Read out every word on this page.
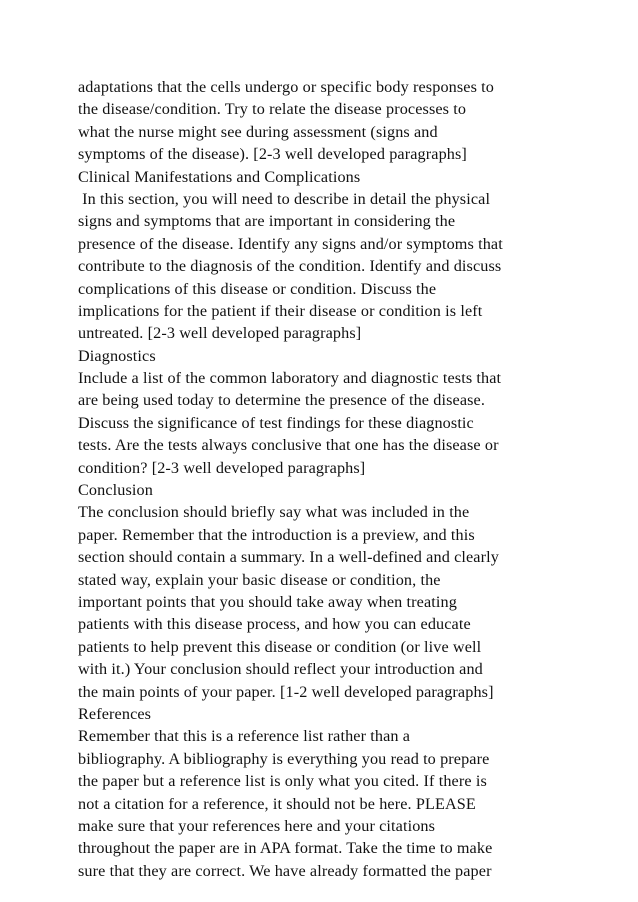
adaptations that the cells undergo or specific body responses to
the disease/condition. Try to relate the disease processes to
what the nurse might see during assessment (signs and
symptoms of the disease). [2-3 well developed paragraphs]
Clinical Manifestations and Complications
In this section, you will need to describe in detail the physical
signs and symptoms that are important in considering the
presence of the disease. Identify any signs and/or symptoms that
contribute to the diagnosis of the condition. Identify and discuss
complications of this disease or condition. Discuss the
implications for the patient if their disease or condition is left
untreated. [2-3 well developed paragraphs]
Diagnostics
Include a list of the common laboratory and diagnostic tests that
are being used today to determine the presence of the disease.
Discuss the significance of test findings for these diagnostic
tests. Are the tests always conclusive that one has the disease or
condition? [2-3 well developed paragraphs]
Conclusion
The conclusion should briefly say what was included in the
paper. Remember that the introduction is a preview, and this
section should contain a summary. In a well-defined and clearly
stated way, explain your basic disease or condition, the
important points that you should take away when treating
patients with this disease process, and how you can educate
patients to help prevent this disease or condition (or live well
with it.) Your conclusion should reflect your introduction and
the main points of your paper. [1-2 well developed paragraphs]
References
Remember that this is a reference list rather than a
bibliography. A bibliography is everything you read to prepare
the paper but a reference list is only what you cited. If there is
not a citation for a reference, it should not be here. PLEASE
make sure that your references here and your citations
throughout the paper are in APA format. Take the time to make
sure that they are correct. We have already formatted the paper
